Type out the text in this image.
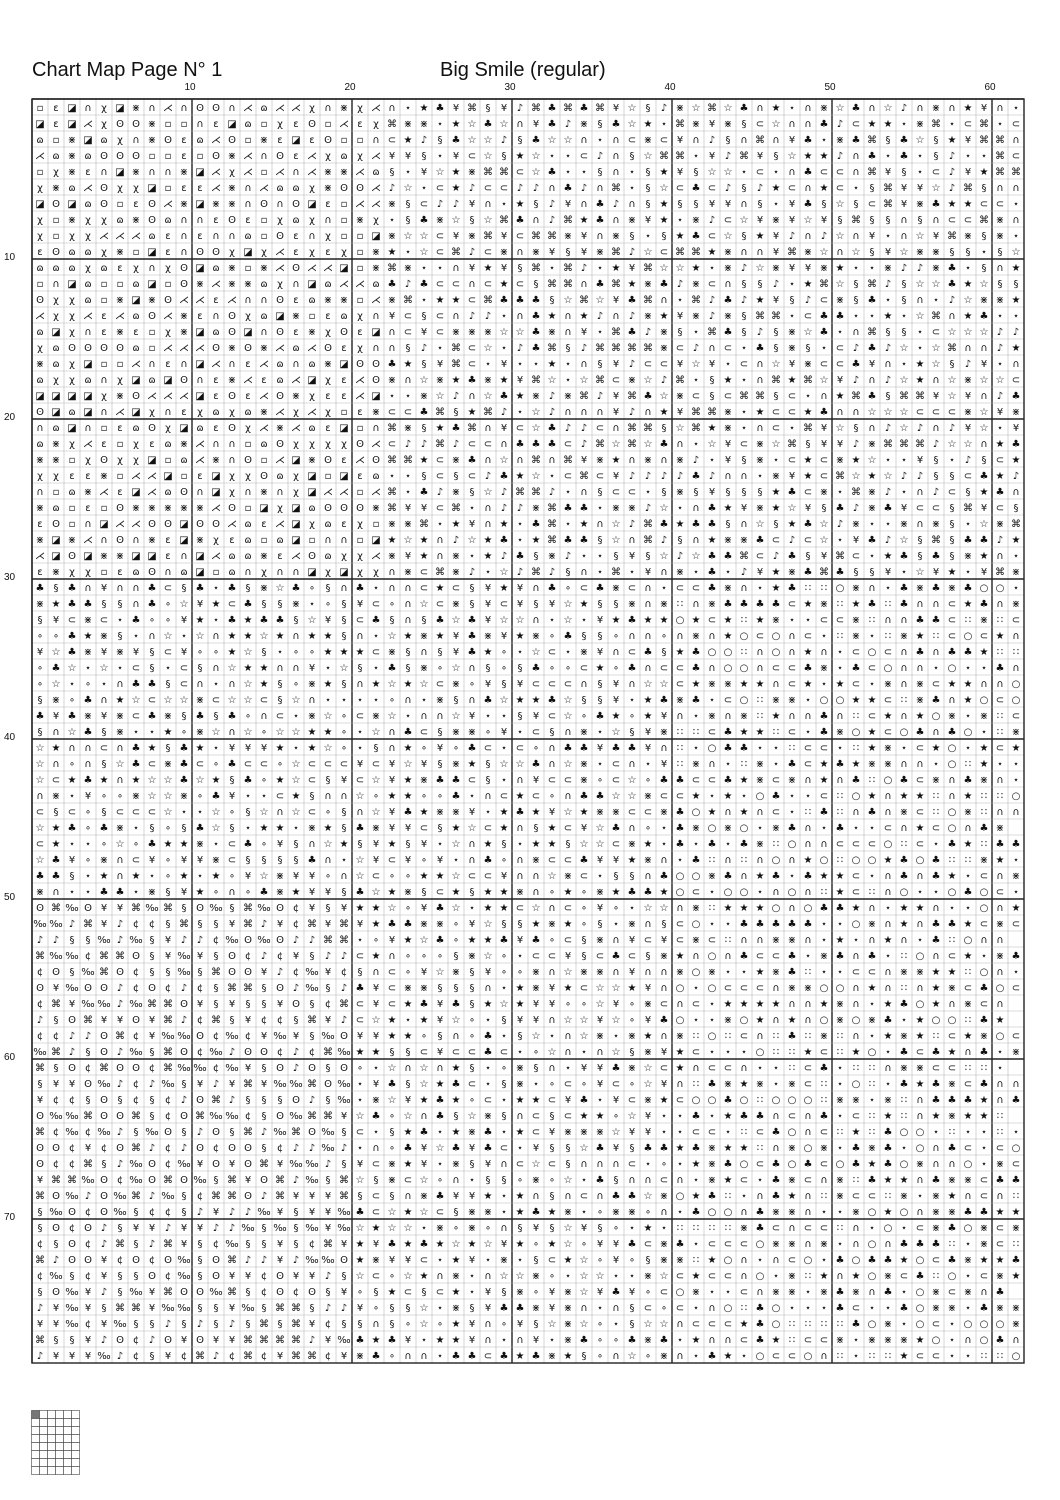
Chart Map Page N° 1	Big Smile (regular)
10	20	30	40	50	60
10
20
30
40
50
60
70
▫ ε ◪ ∩ χ ◪ ⋇ ∩ ⋌ ∩ ʘ ʘ ∩ ⋌ ɷ ⋌ ⋌ χ ∩ ⋇ χ ⋌ ∩ ⋆ ★ ♣ ¥ ⌘ § ¥ ♪ ⌘ ♣ ⌘ ♣ ⌘ ¥ ☆ § ♪ ⋇ ☆ ⌘ ☆ ♣ ∩ ★ ⋆ ∩ ⋇ ☆ ♣ ∩ ☆ ♪ ∩ ⋇ ∩ ★ ¥ ∩ ⋆
◪ ε ◪ ⋌ χ ʘ ʘ ⋇ ▫ ▫ ∩ ε ◪ ɷ ▫ χ ε ʘ ▫ ⋌ ε χ ⌘ ⋇ ⋇ ⋆ ★ ☆ ♣ ☆ ∩ ¥ ♣ ♪ ⋇ § ♣ ☆ ★ ⋆ ⌘ ⋇ ¥ ⋇ § ⊂ ☆ ∩ ∩ ♣ ♪ ⊂ ★ ★ ⋆ ⋇ ⌘ ⋆ ⊂ ⌘ ⋆ ⊂
ɷ ▫ ⋇ ◪ ɷ χ ∩ ⋇ ʘ ε ɷ ⋌ ʘ ▫ ⋇ ε ◪ ε ʘ ▫ ▫ ∩ ⊂ ★ ♪ § ♣ ☆ ☆ ♪ § ♣ ☆ ☆ ∩ ⋆ ∩ ⊂ ⋇ ⊂ ¥ ∩ ♪ § ∩ ⌘ ∩ ¥ ♣ ⋆ ⋇ ♣ ⌘ § ♣ ☆ § ★ ¥ ⌘ ⌘ ∩
⋌ ɷ ⋇ ɷ ʘ ʘ ʘ ▫ ▫ ε ▫ ʘ ⋇ ⋌ ∩ ʘ ε ⋌ χ ɷ χ ⋌ ¥ ¥ § ⋆ ¥ ⊂ ☆ § ★ ☆ ⋆ ⋆ ⊂ ♪ ∩ § ☆ ⌘ ⌘ ⋆ ¥ ♪ ⌘ ¥ § ☆ ★ ★ ♪ ∩ ♣ ⋆ ♣ ⋆ § ♪ ⋆ ⋆ ⌘ ⊂
▫ χ ⋇ ε ∩ ◪ ⋇ ∩ ∩ ⋇ ◪ ⋌ χ ⋌ ▫ ⋌ ∩ ⋌ ⋇ ⋇ ⋌ ɷ § ⋆ ¥ ☆ ★ ⋇ ⌘ ⌘ ⊂ ☆ ♣ ⋆ ⋆ § ∩ ⋆ § ★ ¥ § ☆ ☆ ⋆ ⊂ ⋆ ∩ ♣ ⊂ ⊂ ∩ ⌘ ¥ § ⋆ ⊂ ♪ ¥ ★ ⌘ ⌘
χ ⋇ ɷ ⋌ ʘ χ χ ◪ ▫ ε ε ⋌ ⋇ ∩ ⋌ ɷ ɷ χ ⋇ ʘ ʘ ⋌ ♪ ☆ ⋆ ⊂ ★ ♪ ⊂ ⊂ ♪ ♪ ∩ ♣ ♪ ∩ ⌘ ⋆ § ☆ ⊂ ♣ ⊂ ♪ § ♪ ★ ⊂ ∩ ★ ⊂ ⋆ § ⌘ ¥ ¥ ☆ ♪ ⌘ § ∩ ∩
◪ ʘ ◪ ɷ ʘ ▫ ε ʘ ⋌ ⋇ ◪ ⋇ ⋇ ∩ ʘ ∩ ʘ ◪ ε ▫ ⋌ ⋌ ⋇ § ⊂ ♪ ♪ ¥ ∩ ⋆ ★ § ♪ ¥ ∩ ♣ ♪ ∩ § ★ § § ¥ ¥ ∩ § ⋆ ¥ ♣ § ☆ § ⊂ ⌘ ¥ ⋇ ♣ ★ ★ ⊂ ⊂ ⋆
χ ▫ ⋇ χ χ ɷ ⋇ ʘ ɷ ∩ ∩ ε ʘ ε ▫ χ ɷ χ ∩ ▫ ⋇ χ ⋆ § ♣ ⋇ ☆ § ☆ ⌘ ♣ ∩ ♪ ⌘ ★ ♣ ∩ ⋇ ¥ ★ ⋆ ⋇ ♪ ⊂ ☆ ¥ ⋇ ¥ ☆ ¥ § ⌘ § § ∩ § ∩ ⊂ ⊂ ⌘ ⋇ ∩
χ ▫ χ χ ⋌ ⋌ ⋌ ɷ ε ∩ ε ∩ ∩ ɷ ▫ ʘ ε ∩ χ ▫ ▫ ◪ ⋇ ☆ ☆ ⊂ ¥ ⋇ ⌘ ¥ ⊂ ⌘ ⌘ ⋇ ¥ ∩ ⋇ § ⋆ § ★ ♣ ⊂ ☆ § ★ ¥ ♪ ∩ ♪ ☆ ∩ ¥ ⋆ ∩ ☆ ¥ ⌘ ⋇ § ⋇ ⋆
ε ʘ ɷ ɷ χ ⋇ ▫ ◪ ε ∩ ʘ ʘ χ ◪ χ ⋌ ε χ ε χ ▫ ⋇ ★ ⋆ ☆ ⊂ ⌘ ♪ ⊂ ⋇ ∩ ⋇ ¥ § ¥ ⋇ ⌘ ♪ ☆ ⊂ ⌘ ⌘ ★ ⋇ ∩ ∩ ¥ ⌘ ⋇ ☆ ∩ ☆ § ¥ ☆ ⋇ ⋇ § § ⋆ § ☆
ɷ ɷ ɷ χ ɷ ε χ ∩ χ ʘ ◪ ɷ ⋇ ▫ ⋇ ⋌ ʘ ⋌ ⋌ ◪ ▫ ⋇ ⌘ ⋇ ⋆ ⋆ ∩ ¥ ★ ¥ § ⌘ ⋆ ⌘ ♪ ⋆ ★ ¥ ⌘ ☆ ☆ ★ ⋆ ⋇ ♪ ☆ ⋇ ¥ ¥ ⋇ ★ ⋆ ⋆ ⋇ ♪ ♪ ⋇ ♣ ⋆ § ∩ ★
▫ ∩ ◪ ɷ ▫ ▫ ɷ ◪ ▫ ʘ ⋇ ⋌ ⋇ ⋇ ɷ χ ∩ ◪ ɷ ⋌ ⋌ ɷ ♣ ♪ ♣ ⊂ ⊂ ∩ ⊂ ★ ⊂ § ⌘ ⌘ ∩ ♣ ⌘ ★ ⋇ ♣ ♪ ⋇ ⊂ ∩ § § ♪ ⋆ ★ ⌘ ☆ § ⌘ ♪ § ☆ ☆ ♣ ★ ☆ § §
ʘ χ χ ɷ ▫ ⋇ ◪ ⋇ ʘ ⋌ ⋌ ε ⋌ ∩ ∩ ʘ ε ɷ ⋇ ⋇ ▫ ⋌ ⋇ ⌘ ⋆ ★ ★ ⊂ ⌘ ♣ ♣ ♣ § ☆ ⌘ ☆ ¥ ♣ ⌘ ∩ ⋆ ⌘ ♪ ♣ ♪ ★ ¥ § ♪ ⊂ ⋇ § ♣ ⋆ § ∩ ⋆ ♪ ☆ ⋇ ⋇ ★
⋌ χ χ ⋌ ε ⋌ ɷ ʘ ⋌ ⋇ ε ∩ ʘ χ ɷ ◪ ⋇ ▫ ε ɷ χ ∩ ¥ ⊂ § ⊂ ∩ ♪ ♪ ⋆ ∩ ♣ ★ ∩ ★ ♪ ∩ ♪ ⋇ ★ ¥ ⋇ ♪ ⋇ § ⌘ ⌘ ⋆ ⊂ ♣ ♣ ⋆ ⋆ ★ ⋆ ☆ ⌘ ∩ ★ ♣ ⋆ ⋆
ɷ ◪ χ ∩ ε ⋇ ε ▫ χ ⋇ ◪ ɷ ʘ ◪ ∩ ʘ ε ⋇ χ ʘ ε ◪ ∩ ⊂ ¥ ⊂ ⋇ ⋇ ⋇ ☆ ☆ ♣ ⋇ ∩ ¥ ⋆ ⌘ ♣ ♪ ⋇ § ⋆ ⌘ ♣ § ♪ § ⋇ ☆ ♣ ⋆ ∩ ⌘ § § ⋆ ⊂ ☆ ☆ ☆ ♪ ♪
χ ɷ ʘ ʘ ʘ ʘ ɷ ▫ ⋌ ⋌ ⋌ ʘ ⋇ ʘ ⋇ ⋌ ɷ ⋌ ʘ ε χ ∩ ∩ § ♪ ⋆ ⌘ ⊂ ☆ ⋆ ♪ ♣ ⌘ § ♪ ⌘ ⌘ ⌘ ⌘ ⋇ ⊂ ♪ ∩ ⊂ ⋆ ♣ § ⋇ § ⋆ ⊂ ♪ ♣ ♪ ☆ ⋆ ☆ ⌘ ∩ ∩ ♪ ★
⋇ ɷ χ ◪ ▫ ▫ ⋌ ∩ ε ∩ ◪ ⋌ ∩ ε ⋌ ɷ ∩ ɷ ⋇ ◪ ʘ ʘ ♣ ★ § ¥ ⌘ ⊂ ⋆ ¥ ⋆ ⋆ ★ ⋆ ∩ § ¥ ♪ ⊂ ⊂ ¥ ☆ ¥ ⋆ ⊂ ∩ ☆ ¥ ⋇ ⊂ ⊂ ♣ ¥ ∩ ⋆ ★ ☆ § ♪ ¥ ⋆ ∩
ɷ χ χ ɷ ∩ χ ◪ ɷ ◪ ʘ ∩ ε ⋇ ⋌ ε ɷ ⋌ ◪ χ ε ⋌ ʘ ⋇ ∩ ☆ ⋇ ★ ♣ ⋇ ★ ¥ ⌘ ☆ ⋆ ☆ ⌘ ⊂ ⋇ ☆ ♪ ⌘ ⋆ § ★ ⋆ ∩ ⌘ ★ ⌘ ☆ ¥ ♪ ∩ ♪ ☆ ★ ∩ ☆ ⋇ ☆ ☆ ⊂
◪ ◪ ◪ ◪ χ ⋇ ʘ ⋌ ⋌ ⋌ ◪ ε ʘ ε ⋌ ʘ ⋇ χ ε ε ⋌ ◪ ⋆ ⋆ ⋇ ☆ ♪ ∩ ☆ ♣ ★ ⋇ ♪ ⋇ ⌘ ♪ ¥ ⌘ ♣ ☆ ⋇ ⊂ § ⊂ ⌘ ⌘ § ⊂ ⋆ ∩ ★ ⌘ ♣ § ⌘ ⌘ ¥ ☆ ¥ ∩ ♪ ♣
ʘ ◪ ɷ ◪ ∩ ⋌ ◪ χ ∩ ε χ ɷ χ ɷ ⋇ ⋌ χ ⋌ χ ▫ ε ⋇ ⊂ ⊂ ♣ ⌘ § ★ ⌘ ♪ ⋆ ☆ ♪ ∩ ∩ ∩ ¥ ♪ ∩ ★ ¥ ⌘ ⌘ ⋇ ⋆ ★ ⊂ ⊂ ★ ♣ ∩ ∩ ☆ ☆ ☆ ⊂ ⊂ ⊂ ⋇ ☆ ¥ ⋇
∩ ɷ ◪ ∩ ▫ ε ɷ ʘ χ ◪ ɷ ε ʘ χ ⋌ ⋇ ⋌ ɷ ε ◪ ▫ ∩ ⌘ ⋇ § ★ ♣ ⌘ ∩ ¥ ⊂ ☆ ♣ ♪ ♪ ⊂ ∩ ⌘ ⌘ § ☆ ⌘ ★ ⋇ ⋆ ∩ ⊂ ⋆ ⌘ ¥ ☆ § ∩ ♪ ☆ ♪ ∩ ♪ ¥ ☆ ⋆ ¥
ɷ ⋇ χ ⋌ ε ▫ χ ε ɷ ⋇ ⋌ ∩ ∩ ▫ ɷ ʘ χ χ χ χ ʘ ⋌ ⊂ ♪ ♪ ⌘ ♪ ⊂ ⊂ ∩ ♣ ♣ ♣ ⊂ ♪ ⌘ ☆ ⌘ ☆ ♣ ∩ ⋆ ☆ ¥ ⊂ ⋇ ☆ ⌘ § ¥ ¥ ♪ ⋇ ⌘ ⌘ ⌘ ♪ ☆ ☆ ∩ ★ ♣
⋇ ⋇ ▫ χ ʘ χ χ ◪ ▫ ɷ ⋌ ⋇ ∩ ʘ ▫ ⋌ ◪ ⋇ ʘ ε ⋌ ʘ ⌘ ⌘ ★ ⊂ ⋇ ♣ ∩ ☆ ∩ ⌘ ∩ ⌘ ¥ ⋇ ★ ∩ ⋇ ∩ ⋇ ♪ ⋆ ¥ § ⋇ ⋆ ⊂ ★ ⊂ ⋇ ★ ☆ ⋆ ⋆ ¥ § ⋆ ♪ § ⊂ ★
χ χ ε ε ⋇ ▫ ⋌ ⋌ ◪ ▫ ε ◪ χ χ ʘ ɷ χ ◪ ▫ ◪ ε ɷ ⋆ ⋆ § ⊂ § ⊂ ♪ ♣ ★ ☆ ⋆ ⊂ ⌘ ⊂ ¥ ♪ ♪ ♪ ♪ ♣ ♪ ∩ ∩ ⋆ ⋇ ¥ ★ ⊂ ⌘ ☆ ★ ☆ ♪ ♪ § § ⊂ ♣ ★ ♪
∩ ▫ ɷ ⋇ ⋌ ε ◪ ⋌ ɷ ʘ ∩ ◪ χ ∩ ⋇ ∩ χ ◪ ⋌ ⋌ ▫ ⋌ ⌘ ⋆ ♣ ♪ ⋇ § ☆ ♪ ⌘ ⌘ ♪ ⋆ ∩ § ⊂ ⊂ ⋆ § ⋇ § ¥ § § § ★ ♣ ⊂ ⋇ ⋆ ⌘ ⋇ ♪ ⋆ ∩ ♪ ⊂ § ★ ♣ ∩
⋇ ɷ ▫ ε ▫ ʘ ⋇ ⋇ ⋇ ⋇ ⋇ ⋌ ʘ ▫ ◪ χ ◪ ɷ ʘ ʘ ʘ ⋇ ⌘ ¥ ¥ ⊂ ⌘ ⋆ ∩ ♪ ♪ ⋇ ⌘ ♣ ♣ ⋆ ⋇ ⋇ ♪ ☆ ⋆ ∩ ♣ ★ ¥ ⋇ ★ ☆ ¥ § ♣ ♪ ⋇ ♣ ¥ ⊂ ⊂ § ⌘ ¥ ⊂ §
ε ʘ ▫ ∩ ◪ ⋌ ⋌ ʘ ʘ ◪ ʘ ʘ ⋌ ɷ ε ⋌ ◪ χ ɷ ε χ ▫ ⋇ ⋇ ⌘ ⋆ ★ ¥ ∩ ★ ⋆ ♣ ⌘ ⋆ ★ ∩ ☆ ♪ ⌘ ♣ ★ ♣ ♣ § ∩ ☆ § ★ ♣ ☆ ♪ ⋇ ⋆ ⋆ ⋇ ∩ ⋇ § ⋆ ☆ ⋇ ⌘
⋇ ◪ ⋇ ⋌ ∩ ʘ ∩ ⋇ ε ◪ ⋇ χ ε ɷ ▫ ɷ ◪ ▫ ∩ ∩ ▫ ◪ ★ ☆ ★ ∩ ♪ ☆ ★ ♣ ⋆ ★ ⌘ ♣ ♣ § ☆ ∩ ⌘ ♪ § ∩ ★ ⋇ ⋇ ♣ ⊂ ♪ ⊂ ☆ ⋆ ¥ ♣ ♪ ☆ § ⌘ § ♣ ♣ ♪ ★
⋌ ◪ ʘ ◪ ⋇ ⋇ ◪ ◪ ε ∩ ◪ ⋌ ɷ ɷ ⋇ ε ⋌ ʘ ɷ χ χ ⋌ ⋇ ¥ ★ ∩ ⋇ ⋆ ★ ♪ ♣ § ⋇ ♪ ⋆ ⋆ § ¥ § ☆ ♪ ☆ ♣ ♣ ⌘ ⊂ ♪ ♣ § ¥ ⌘ ⊂ ⋆ ★ ♣ § ♣ § ⋇ ★ ∩ ⋆
ε ⋇ χ χ ▫ ε ɷ ʘ ∩ ɷ ◪ ▫ ɷ ∩ χ ∩ ∩ ◪ χ ◪ χ χ ∩ ⋇ ⊂ ⌘ ⋇ ♪ ⋆ ☆ ♪ ⌘ ♪ § ∩ ⋆ ⌘ ⋆ ¥ ∩ ⋇ ⋆ ♣ ⋆ ♪ ¥ ★ ⋇ ♣ ⌘ ♣ § § ¥ ⋆ ☆ ¥ ★ ⋆ ¥ ⌘ ⋇
♣ § ♣ ∩ ¥ ∩ ∩ ♣ ⊂ § ♣ ⋆ ♣ § ⋇ ☆ ♣ ∘ § ∩ ♣ ⋆ ∩ ∩ ⊂ ★ ⊂ § ¥ ★ ¥ ∩ ♣ ∘ ⊂ ♣ ⋇ ⊂ ∩ ⋆ ⊂ ⊂ ♣ ⋇ ∩ ⋆ ★ ♣ ∷ ∷ ○ ⋇ ∩ ⋆ ♣ ⋇ ♣ ⋇ ♣ ○ ○ ⋆
⋇ ★ ♣ ♣ § § ∩ ♣ ∘ ☆ ¥ ★ ⊂ ♣ § § ⋇ ⋆ ∘ § ¥ ⊂ ∘ ∩ ☆ ⊂ ⋇ § ¥ ⊂ ¥ § ¥ ☆ ★ § § ⋇ ∩ ⋇ ∷ ∩ ⋇ ♣ ♣ ♣ ♣ ⊂ ★ ⋇ ∷ ★ ♣ ∷ ♣ ∩ ∩ ⊂ ★ ♣ ∩ ⋇
§ ¥ ⊂ ⋇ ⊂ ⋆ ♣ ∘ ∘ ¥ ★ ⋆ ♣ ★ ♣ ♣ § ☆ ¥ § ⊂ ♣ § ∩ § ♣ ☆ ♣ ¥ ☆ ☆ ∩ ⋆ ☆ ⋆ ¥ ★ ♣ ★ ★ ○ ★ ⊂ ★ ∷ ★ ⋇ ⋆ ⋆ ⊂ ⊂ ⋇ ∷ ∩ ∩ ♣ ♣ ⊂ ∷ ⋇ ∷ ⊂
∘ ∘ ♣ ★ ⋇ § ⋆ ∩ ☆ ⋆ ☆ ∩ ★ ★ ☆ ★ ∩ ★ ★ § ∩ ⋆ ☆ ★ ⋇ ★ ¥ ♣ ⋇ ¥ ★ ⋇ ∘ ♣ § § ∘ ∩ ∩ ∘ ∩ ⋇ ∩ ★ ○ ⊂ ○ ∩ ⊂ ⋆ ∷ ⋇ ⋆ ∷ ⋇ ★ ∷ ⊂ ○ ⊂ ★ ∩
¥ ☆ ♣ ⋇ ¥ ⋇ ¥ § ⊂ ¥ ∘ ∘ ★ ☆ § ⋆ ∘ ∘ ★ ★ ★ ⊂ ⋇ § ∩ § ¥ ♣ ★ ∘ ⋆ ☆ ⊂ ⋆ ⋇ ¥ ∩ ⊂ ♣ § ★ ♣ ○ ○ ∷ ∩ ○ ∩ ★ ∩ ⋆ ⊂ ○ ⊂ ∩ ♣ ∩ ♣ ♣ ★ ∷ ∷
∘ ♣ ☆ ⋆ ☆ ⋆ ⊂ § ⋆ ⊂ § ∩ ☆ ★ ★ ∩ ∩ ¥ ⋆ ☆ § ⋆ ♣ § ⋇ ∘ ☆ ∩ § ∘ § ♣ ∘ ∘ ⊂ ★ ∘ ♣ ∩ ⊂ ⊂ ♣ ∩ ○ ○ ∩ ⊂ ⊂ ♣ ⋇ ⋆ ♣ ⊂ ○ ∩ ∩ ⋆ ○ ⋆ ⋆ ♣ ∩
∘ ☆ ⋆ ∘ ⋆ ∩ ♣ ♣ § ⊂ ∩ ⋆ ∩ ☆ ★ § ∘ ⋇ ★ § ∩ ★ ☆ ★ ☆ ⊂ ⋇ ∘ ¥ § ¥ ⊂ ⊂ ⊂ ∩ § ¥ ∩ ☆ ☆ ⊂ ★ ⋇ ⋇ ★ ★ ∩ ⊂ ★ ⋆ ★ ⊂ ⋆ ⋇ ∩ ⋇ ⊂ ★ ★ ∩ ∩ ○
§ ⋇ ∘ ♣ ∩ ★ ☆ ⊂ ☆ ☆ ⋇ ⊂ ☆ ☆ ⊂ § ☆ ∩ ⋆ ⋆ ⋆ ⋆ ∘ ∩ ⋆ ⋇ § ∩ ♣ ☆ ★ ★ ♣ ☆ § § ¥ ⋆ ★ ♣ ⋇ ♣ ⋆ ⊂ ○ ∷ ⋇ ⋇ ⋆ ○ ○ ★ ★ ⊂ ∷ ⋇ ♣ ∩ ★ ○ ⊂ ○
♣ ¥ ♣ ⋇ ¥ ⋇ ⊂ ♣ ⋇ § ♣ § ♣ ∘ ∩ ⊂ ⋆ ⋇ ☆ ∘ ⊂ ⋇ ☆ ⋆ ∩ ∩ ☆ ¥ ⋆ ⋆ § ¥ ⊂ ☆ ∘ ♣ ★ ∘ ★ ¥ ∩ ⋆ ⋇ ∩ ⋇ ∷ ★ ∩ ∩ ♣ ∩ ∷ ⊂ ★ ∩ ★ ○ ⋇ ⋆ ⋇ ∷ ⊂
§ ∩ ☆ ♣ § ⋇ ⋆ ⋆ ★ ∘ ⋇ ☆ ∩ ☆ ∘ ☆ ☆ ★ ★ ∘ ⋆ ☆ ∩ ♣ ⊂ § ⋇ ⋇ ∘ ¥ ⋆ ⊂ § ∩ ⋇ ⋆ ☆ § ¥ ⋇ ∷ ∷ ⊂ ♣ ★ ★ ∷ ⊂ ⋆ ♣ ⋇ ○ ★ ⊂ ○ ♣ ∩ ♣ ○ ⋆ ∷ ⋇
☆ ★ ∩ ∩ ⊂ ∩ ♣ ★ § ♣ ★ ⋆ ¥ ¥ ¥ ★ ⋆ ★ ☆ ∘ ⋆ § ∩ ★ ∘ ¥ ∘ ♣ ⊂ ⋆ ⊂ ∘ ∩ ♣ ♣ ¥ ♣ ♣ ¥ ∩ ∷ ⋆ ○ ♣ ♣ ⋆ ⋆ ∷ ⊂ ⊂ ⋆ ∷ ★ ⋇ ⋆ ⊂ ★ ○ ⋆ ★ ⊂ ★
☆ ∩ ∘ ∩ § ☆ ♣ ⊂ ⋇ ♣ ⊂ ∘ ♣ ⊂ ⊂ ∘ ☆ ⊂ ⊂ ⊂ ¥ ⊂ ¥ ☆ ¥ § ⋇ ★ § ☆ ☆ ♣ ∩ ☆ ⋇ ⋆ ⊂ ∩ ⋆ ¥ ∷ ⋇ ∩ ⋆ ∷ ⋇ ⋆ ♣ ⊂ ★ ♣ ★ ⋇ ⋇ ∩ ∩ ⋆ ○ ∷ ★ ⋆ ⋆
☆ ⊂ ★ ♣ ★ ∩ ★ ☆ ☆ ♣ ☆ ★ § ♣ ∘ ★ ☆ ⊂ § ¥ ⊂ ☆ ¥ ★ ⋇ ♣ ♣ ⊂ § ⋆ ∩ ¥ ⊂ ⊂ ⋇ ∘ ⊂ ☆ ∘ ♣ ♣ ⊂ ⊂ ♣ ★ ⋇ ⊂ ⋇ ∩ ★ ∩ ♣ ∷ ○ ♣ ⊂ ⋇ ∩ ♣ ⋇ ∩ ⋆
∩ ⋇ ⋆ ¥ ∘ ∘ ⋇ ☆ ☆ ⋇ ∘ ♣ ¥ ⋆ ⋆ ⊂ ★ § ∩ ∩ ☆ ∘ ★ ★ ∘ ∘ ♣ ⋆ ∩ ⊂ ★ ⊂ ∘ ∩ ♣ ♣ ☆ ☆ ⋇ ⊂ ⊂ ★ ⋆ ★ ⋆ ○ ♣ ⋆ ⋆ ⊂ ∷ ○ ★ ∩ ★ ★ ∷ ∩ ★ ∷ ∷ ○
⊂ § ⊂ ∘ § ⊂ ⊂ ⊂ ☆ ⋆ ⋆ ☆ ∘ § ☆ ∩ ☆ ⊂ ∘ § ∩ ☆ ¥ ♣ ★ ⋇ ⋇ ¥ ⋆ ★ ♣ ★ ¥ ☆ ★ ⋇ ⋇ ⊂ ⊂ ⋇ ♣ ○ ★ ∩ ★ ∩ ⊂ ⋆ ∷ ♣ ∷ ∩ ♣ ∩ ⋇ ⊂ ∷ ○ ⋇ ∷ ∩ ∩
☆ ★ ♣ ∘ ♣ ⋇ ⋆ § ∘ § ♣ ☆ § ⋆ ★ ★ ⋆ ⋇ ★ § ♣ ⋇ ¥ ¥ ⊂ § ★ ☆ ⊂ ★ ∩ § ★ ⊂ ¥ ☆ ♣ ∩ ∘ ⋆ ♣ ⋇ ○ ⋇ ○ ⋆ ⋇ ♣ ∩ ⋆ ♣ ⋆ ⋆ ⊂ ∩ ★ ⊂ ○ ∩ ♣ ⋇
⊂ ★ ⋆ ⋆ ∘ ☆ ∘ ♣ ★ ★ ⋇ ⋆ ⊂ ♣ ∘ ¥ § ∩ ☆ ★ § ¥ ★ § ¥ ⋆ ☆ ∩ ★ § ⋆ ★ ★ § ☆ ☆ ⊂ ⋇ ★ ⋆ ♣ ⋆ ♣ ⋆ ♣ ⋇ ∷ ○ ∩ ∩ ⊂ ⊂ ⊂ ○ ∷ ⊂ ⋆ ♣ ★ ∷ ♣ ♣
☆ ♣ ¥ ∘ ⋇ ∩ ⊂ ¥ ∘ ¥ ¥ ⋇ ⊂ § § § § ♣ ∩ ⋆ ☆ ¥ ⊂ ¥ ∘ ¥ ⋆ ∩ ♣ ∘ ∩ ⋇ ⊂ ⊂ ♣ ¥ ¥ ★ ⋇ ∩ ⋆ ♣ ∷ ∩ ∷ ∩ ○ ∩ ★ ○ ∷ ○ ○ ★ ♣ ○ ♣ ∷ ∷ ⋇ ★ ⋆
♣ ♣ § ⋆ ★ ∩ ★ ⋆ ∘ ★ ⋆ ★ ∘ ¥ ☆ ⋇ ¥ ¥ ∘ ∩ ☆ ⊂ ∘ ∘ ★ ★ ☆ ⊂ ⊂ ¥ ∩ ∩ ☆ ⋇ ⊂ ⋆ § § ∩ ♣ ○ ○ ⋇ ♣ ∩ ★ ♣ ⋆ ♣ ★ ★ ⊂ ⋆ ∩ ♣ ∩ ♣ ★ ⋆ ⊂ ∩ ⋇
⋇ ∩ ⋆ ⋆ ♣ ♣ ⋆ ⋇ § ¥ ★ ∘ ∩ ∘ ♣ ⋇ ★ ¥ ¥ § ♣ ☆ ★ ⋇ § ⊂ ★ § ★ ★ ⋇ ∩ ∘ ★ ∘ ⋇ ★ ♣ ♣ ★ ○ ⊂ ⋆ ○ ○ ⋆ ∩ ○ ∩ ∷ ★ ⊂ ∷ ∩ ○ ⋆ ⋆ ○ ♣ ○ ⊂ ⋆
ʘ ⌘ ‰ ʘ ¥ ¥ ⌘ ‰ ⌘ § ʘ ‰ § ⌘ ‰ ʘ ¢ ¥ § ¥ ★ ★ ☆ ∘ ¥ ♣ ☆ ⋆ ★ ★ ⊂ ☆ ∩ ⊂ ∘ ¥ ∘ ⋆ ☆ ☆ ∩ ⋇ ∷ ★ ★ ★ ○ ∩ ○ ♣ ♣ ★ ∩ ⋆ ★ ★ ∩ ⋆ ⋆ ○ ∩ ★
‰ ‰ ♪ ⌘ ¥ ♪ ¢ ¢ § ⌘ § § ¥ ⌘ ♪ ¥ ¢ ⌘ ¥ ⌘ ¥ ★ ♣ ♣ ⋇ ⋇ ∘ ¥ ☆ § § ★ ⋇ ★ ∘ § ⋆ ⋇ ∩ § ⊂ ○ ⋆ ⋆ ♣ ♣ ♣ ♣ ♣ ⋆ ⋆ ○ ⋇ ∩ ★ ∩ ♣ ♣ ★ ⊂ ⋇ ⊂
♪ ♪ § § ‰ ♪ ‰ § ¥ ♪ ♪ ¢ ‰ ʘ ‰ ʘ ♪ ♪ ⌘ ⌘ ⋆ ∘ ¥ ★ ☆ ♣ ∘ ★ ★ ♣ ¥ ♣ ∘ ⊂ § ⋇ ∩ ¥ ⊂ ¥ ⊂ ⋇ ⊂ ∷ ∩ ∩ ⋇ ⋇ ∩ ⋆ ★ ⋆ ∩ ★ ∩ ⋆ ♣ ∷ ○ ∩ ∩
⌘ ‰ ‰ ¢ ⌘ ⌘ ʘ § ¥ ‰ ¥ § ʘ ¢ ♪ ¢ ¥ § ♪ ♪ ⊂ ★ ∩ ∘ ∘ ∘ § ⋇ ☆ ∘ ⋆ ⊂ ⊂ ¥ § ⊂ ♣ ⊂ § ⋇ ★ ∩ ○ ∩ ♣ ⊂ ⊂ ♣ ⋆ ⋇ ♣ ∩ ♣ ⋆ ∷ ○ ∩ ⊂ ★ ⋆ ⋇ ♣
¢ ʘ § ‰ ⌘ ʘ ¢ § § ‰ § ⌘ ʘ ʘ ¥ ♪ ¢ ‰ ¥ ¢ § ∩ ⊂ ∘ ¥ ☆ ⋇ § ¥ ∘ ∘ ⋇ ∩ ☆ ⋇ ⋇ ∩ ¥ ∩ ∩ ⋇ ○ ⋇ ⋆ ⋆ ★ ⋇ ♣ ∷ ⋆ ⋆ ⊂ ⊂ ∩ ⋇ ⋇ ★ ★ ∷ ○ ∩ ⋆
ʘ ¥ ‰ ʘ ʘ ♪ ¢ ʘ ¢ ♪ ¢ § ⌘ ⌘ § ʘ ♪ ‰ § ♪ ♣ ¥ ⊂ ⋇ ⋇ § § § ∩ ⋆ ★ ⋇ ¥ ★ ⊂ ☆ ☆ ★ ¥ ∩ ○ ⋆ ○ ⊂ ⊂ ⊂ ∩ ⋇ ⋇ ○ ○ ∩ ★ ∩ ∷ ∩ ★ ⋇ ⊂ ♣ ○ ⊂
¢ ⌘ ¥ ‰ ‰ ♪ ‰ ⌘ ⌘ ʘ ¥ § ¥ § § ¥ ʘ § ¢ ⌘ ⊂ ¥ ⊂ ★ ♣ ¥ ♣ § ★ ☆ ★ ¥ ¥ ∘ ∘ ☆ ¥ ∘ ⋇ ⊂ ∩ ⊂ ⋆ ★ ★ ★ ★ ∩ ∩ ★ ⋇ ∩ ⋆ ★ ♣ ○ ★ ∩ ⋇ ⊂ ∩
♪ § ʘ ⌘ ¥ ¥ ʘ ¥ ⌘ ♪ ¢ ⌘ § ¥ ¢ ¢ § ⌘ ¥ ♪ ⊂ ☆ ★ ⋆ ★ ¥ ☆ ∘ ⋆ § ¥ ¥ ∩ ☆ ☆ ¥ ☆ ∘ ¥ ♣ ○ ⋆ ⋆ ⋇ ○ ★ ∩ ★ ∩ ○ ⋇ ○ ⋇ ♣ ⋆ ★ ○ ○ ∷ ♣ ★
¢ ¢ ♪ ♪ ʘ ⌘ ¢ ¥ ‰ ‰ ʘ ¢ ‰ ¢ ¥ ‰ ¥ § ‰ ʘ ¥ ¥ ★ ★ ∘ § ∩ ∘ ♣ ⋆ § ☆ ⋆ ∩ ☆ ⋇ ⋆ ⋇ ★ ∩ ⋇ ∷ ○ ∷ ⊂ ∩ ∷ ♣ ∷ ⋇ ∷ ∩ ⋆ ★ ⋇ ★ ∷ ⊂ ★ ⋇ ○ ⊂
‰ ⌘ ♪ § ʘ ♪ ‰ § ⌘ ʘ ¢ ‰ ♪ ʘ ʘ ¢ ♪ ¢ ⌘ ‰ ★ ★ § § ⊂ ¥ ⊂ ⊂ ♣ ⊂ ⋆ ∘ ☆ ∩ ⋆ ∩ ☆ § ⋇ ¥ ★ ⊂ ⋆ ⋆ ⋆ ○ ∷ ∷ ★ ⊂ ∷ ★ ○ ⋆ ♣ ⊂ ♣ ★ ∩ ♣ ⋆ ⋇
⌘ § ʘ ¢ ⌘ ʘ ʘ ¢ ⌘ ‰ ‰ ¢ ‰ ¥ § ʘ ♪ ʘ § ʘ ∘ ⋆ ☆ ∩ ☆ ∩ ★ § ⋆ ∘ ⋇ § ∩ ⋆ ¥ ¥ ♣ ⋇ ☆ ⊂ ★ ∩ ⊂ ⊂ ∩ ⋆ ⋆ ∷ ⊂ ♣ ⋆ ∷ ∷ ∩ ⋇ ⋇ ⊂ ⊂ ∷ ∷ ⋆
§ ¥ ¥ ʘ ‰ ♪ ¢ ♪ ‰ § ¥ ♪ ¥ ⌘ ¥ ‰ ‰ ⌘ ʘ ‰ ⋆ ¥ ♣ § ☆ ★ ♣ ⊂ ⋆ § ⋇ ⋆ ∘ ⊂ ∘ ¥ ⊂ ∘ ☆ ¥ ∩ ∷ ♣ ⋇ ★ ⋇ ⋆ ⋇ ⊂ ∷ ⋆ ○ ∷ ⋆ ♣ ★ ♣ ⋇ ⊂ ♣ ∩ ∩
¥ ¢ ¢ § ʘ § ¢ § ¢ ♪ ʘ ⌘ ♪ § § § ʘ ♪ § ‰ ⋆ ⋇ ☆ ¥ ★ ♣ ★ ∘ ⊂ ⋆ ★ ★ ⊂ ¥ ♣ ⋆ ¥ ⊂ ⋇ ★ ⊂ ○ ○ ♣ ○ ∷ ○ ○ ○ ∷ ⋇ ⋇ ⋆ ⋇ ∷ ∩ ♣ ♣ ♣ ★ ∩ ♣
ʘ ‰ ‰ ⌘ ʘ ʘ ⌘ § ¢ ʘ ⌘ ‰ ‰ ¢ § ʘ ‰ ⌘ ⌘ ¥ ☆ ♣ ∘ ☆ ∩ ♣ § ☆ ⋇ § ∩ ⊂ § ⊂ ★ ★ ∘ ☆ ¥ ⋆ ⋆ ♣ ⋆ ★ ♣ ♣ ∩ ⊂ ∩ ♣ ⋆ ⊂ ∷ ★ ∷ ∩ ★ ⋇ ★ ★ ∷
⌘ ¢ ‰ ¢ ‰ ♪ § ‰ ʘ § ♪ ʘ § ⌘ ♪ ‰ ⌘ ʘ ‰ § ⊂ ⋆ § ★ ♣ ⋆ ★ ⋇ ♣ ⋆ ★ ⊂ ¥ ⋇ ⋇ ⋇ ☆ ¥ ¥ ⋆ ⋆ ⊂ ⊂ ⋆ ∷ ⊂ ♣ ○ ∩ ⊂ ∷ ★ ∷ ♣ ○ ○ ⋆ ∷ ⋆ ⋆ ∷ ⋆
ʘ ʘ ¢ ¥ ¢ ʘ ⌘ ♪ ¢ ♪ ʘ ¢ ʘ ʘ § ¢ ♪ ♪ ‰ ♪ ⋆ ∩ ∘ ♣ ¥ ☆ ♣ ¥ ♣ ⊂ ⋆ ¥ § § ☆ ♣ ¥ § ♣ ♣ ★ ♣ ⋇ ★ ★ ∷ ∩ ⋇ ○ ⋇ ⋆ ♣ ⋇ ♣ ⋆ ○ ∩ ♣ ⊂ ⋆ ⊂ ○
ʘ ¢ ¢ ⌘ § ♪ ‰ ʘ ¢ ‰ ¥ ʘ ¥ ʘ ⌘ ¥ ‰ ‰ ♪ § ¥ ⊂ ⋇ ★ ¥ ⋆ ⋇ § ¥ ∩ ⊂ ☆ ⊂ § ∩ ∩ ∩ ⊂ ⋆ ∘ ⋆ ★ ⋇ ♣ ○ ⊂ ♣ ○ ♣ ⊂ ○ ♣ ★ ♣ ○ ⋇ ∩ ∩ ○ ⋆ ⋇ ⊂
¥ ⌘ ⌘ ‰ ʘ ¢ ‰ ʘ ⌘ ʘ ‰ § ⌘ ¥ ʘ ⌘ ♪ ‰ § ⌘ ☆ § ⋇ ⊂ ☆ ∘ ∩ ⋆ § § ∘ ⋇ ∘ ☆ ⋆ ♣ § ∩ ∩ ⊂ ∩ ⋆ ⋇ ★ ⊂ ⋆ ♣ ⋇ ⊂ ∩ ⋇ ∷ ♣ ★ ★ ∩ ♣ ⋇ ⋇ ⊂ ♣ ♣
⌘ ʘ ‰ ♪ ʘ ‰ ⌘ ♪ ‰ § ¢ ⌘ ⌘ ʘ ♪ ⌘ ¥ ¥ ¥ ⌘ § ⊂ § ∩ ⋇ ♣ ¥ ¥ ★ ⋆ ★ ∩ § ∩ ⊂ ∩ ♣ ♣ ☆ ⋇ ○ ★ ♣ ∷ ⋆ ∩ ♣ ★ ∩ ∷ ⋇ ⊂ ⊂ ∷ ⋇ ⋆ ⋇ ★ ∩ ⊂ ∩ ∷
§ ‰ ʘ ¢ ʘ ‰ § ¢ ¢ § ♪ ¥ ♪ ♪ ‰ ¥ § ¥ ¥ ‰ ♣ ⊂ ☆ ★ ☆ ⊂ § ⋇ ⋇ ⋆ ★ ♣ ★ ⋇ ⋆ ∘ ⋇ ⋇ ∘ ∩ ⋆ ♣ ○ ○ ∩ ♣ ⋇ ⋇ ∩ ⋆ ⋆ ⋇ ○ ★ ○ ∩ ⋇ ⋇ ♣ ♣ ★ ★
§ ʘ ¢ ʘ ♪ § ¥ ¥ ♪ ¥ ¥ ♪ ♪ ‰ § ‰ § ‰ ¥ ‰ ☆ ★ ☆ ☆ ⋆ ⋇ ∘ ⋇ ∘ ∩ § ¥ § ☆ ¥ § ∘ ⋆ ★ ⋆ ∷ ∷ ∷ ∷ ⋇ ♣ ⊂ ∩ ⊂ ⊂ ∷ ∩ ⋆ ○ ⋆ ⊂ ⋇ ♣ ○ ⋇ ⊂ ⋇
¢ § ʘ ¢ ♪ ⌘ § ♪ ⌘ ¥ § ¢ ‰ § § ¥ § ¢ ⌘ ¥ ★ ¥ ♣ ★ ♣ ★ ☆ ★ ☆ ¥ ★ ∘ ★ ☆ ∘ ¥ ¥ ♣ ⊂ ⋇ ♣ ⋆ ⊂ ⊂ ⊂ ○ ⋇ ⋇ ∩ ⋇ ⋆ ∩ ○ ∩ ♣ ♣ ♣ ∷ ⋆ ⋇ ⊂ ∷
⌘ ♪ ʘ ʘ ¥ ¢ ʘ ¢ ʘ ‰ § ʘ ⌘ ♪ ♪ ¥ ♪ ‰ ‰ ʘ ★ ⋇ ¥ ¥ ⊂ ⋆ ★ ¥ ⋆ ⋇ ⋆ § ⊂ ★ ☆ ∘ ¥ ∘ § ⋇ ⋇ ∷ ★ ○ ∩ ⋆ ∩ ⊂ ○ ⋆ ♣ ○ ♣ ♣ ★ ○ ⊂ ♣ ⋇ ★ ★ ♣
¢ ‰ § ¢ ¥ § § ʘ ¢ ‰ § ʘ ¥ ¥ ¢ ʘ ¥ ¥ ♪ § ☆ ⊂ ∘ ☆ ★ ∩ ⋇ ⋆ ∩ ☆ ☆ ⋇ ∘ ⋆ ☆ ☆ ⋆ ⋆ ⋇ ☆ ⊂ ★ ⊂ ⊂ ∩ ○ ⋆ ⋇ ∷ ★ ∩ ★ ○ ⋇ ⊂ ♣ ∷ ○ ⋆ ⊂ ⋇ ★
§ ʘ ‰ ¥ ♪ § ‰ ¥ ⌘ ʘ ʘ ‰ ⌘ § ¢ ʘ ¢ ʘ § ¥ ∘ § ★ ⊂ § ⊂ ★ ⋆ ¥ § ⋇ ∘ ¥ ⋇ ☆ ¥ ♣ ¥ ∘ ⊂ ○ ⋇ ⋆ ⋆ ⊂ ∩ ⋇ ⋇ ⋆ ⋇ ♣ ⋇ ∩ ♣ ⋆ ○ ⋇ ⊂ ⋇ ∩ ♣
♪ ¥ ‰ ¥ § ⌘ ⌘ ¥ ‰ ‰ § § ¥ ‰ § ⌘ ⌘ § ♪ ♪ ¥ ∘ § § ☆ ⋆ ⋇ § ¥ ♣ ♣ ⋇ ¥ ⋇ ∩ ⋆ ∩ § ⊂ ∘ ⊂ ⋆ ∩ ○ ∷ ♣ ○ ⋆ ⋆ ⋆ ♣ ⊂ ⋆ ⋆ ♣ ○ ⋇ ⋇ ⋆ ♣ ⋇ ⋇
¥ ¥ ‰ ¢ ¥ ‰ § § ♪ § ♪ § ♪ § ⌘ § ⌘ ¥ ¢ § § ∩ § ∘ ☆ ∘ ★ ¥ ∩ ∘ ¥ § ☆ ⋇ ☆ ∘ ⋆ § ☆ ☆ ∩ ⊂ ⊂ ⊂ ★ ♣ ○ ∷ ∷ ∷ ∷ ♣ ○ ⋇ ⋆ ○ ⊂ ⋆ ○ ○ ○ ⋇
⌘ § § ¥ ♪ ʘ ¢ ♪ ʘ ¥ ʘ ¥ ¥ ⌘ ⌘ ⌘ ⌘ ♪ ¥ ‰ ♣ ★ ♣ ¥ ⋆ ★ ★ ¥ ∩ ⋆ ∩ ¥ ⋆ ⋇ ♣ ∘ ∘ ♣ ⋇ ♣ ⋆ ★ ∩ ∩ ⊂ ♣ ★ ∷ ⊂ ⊂ ⋇ ⋆ ⋇ ⋇ ⋇ ★ ○ ⋆ ∩ ○ ♣ ∩
♪ ¥ ¥ ¥ ‰ ♪ ¢ § ¥ ¢ ⌘ ♪ ¢ ⌘ ¢ ¥ ⌘ ⌘ ¢ ¥ ⋇ ♣ ∘ ∩ ∩ ⋆ ♣ ♣ ⊂ ♣ ★ ♣ ⋇ ★ § ∘ ∩ ☆ ∘ ⋇ ∩ ⋆ ♣ ★ ⋆ ○ ⊂ ⊂ ○ ∩ ∷ ⋆ ∷ ∷ ★ ⊂ ⊂ ⋆ ⋆ ∷ ∷ ○
